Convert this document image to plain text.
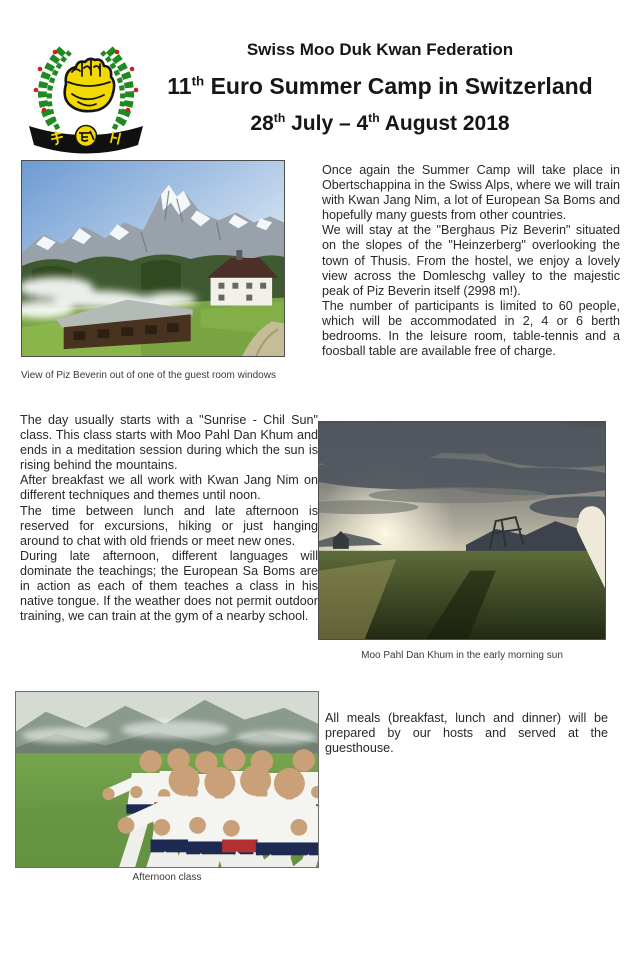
Swiss Moo Duk Kwan Federation
11th Euro Summer Camp in Switzerland
28th July – 4th August 2018
View of Piz Beverin out of one of the guest room windows

Once again the Summer Camp will take place in Obertschappina in the Swiss Alps, where we will train with Kwan Jang Nim, a lot of European Sa Boms and hopefully many guests from other countries.

We will stay at the "Berghaus Piz Beverin" situated on the slopes of the "Heinzerberg" overlooking the town of Thusis. From the hostel, we enjoy a lovely view across the Domleschg valley to the majestic peak of Piz Beverin itself (2998 m!).

The number of participants is limited to 60 people, which will be accommodated in 2, 4 or 6 berth bedrooms. In the leisure room, table-tennis and a foosball table are available free of charge.

The day usually starts with a "Sunrise - Chil Sun" class. This class starts with Moo Pahl Dan Khum and ends in a meditation session during which the sun is rising behind the mountains.

After breakfast we all work with Kwan Jang Nim on different techniques and themes until noon.

The time between lunch and late afternoon is reserved for excursions, hiking or just hanging around to chat with old friends or meet new ones.

During late afternoon, different languages will dominate the teachings; the European Sa Boms are in action as each of them teaches a class in his native tongue. If the weather does not permit outdoor training, we can train at the gym of a nearby school.

Moo Pahl Dan Khum in the early morning sun
Afternoon class

All meals (breakfast, lunch and dinner) will be prepared by our hosts and served at the guesthouse.
